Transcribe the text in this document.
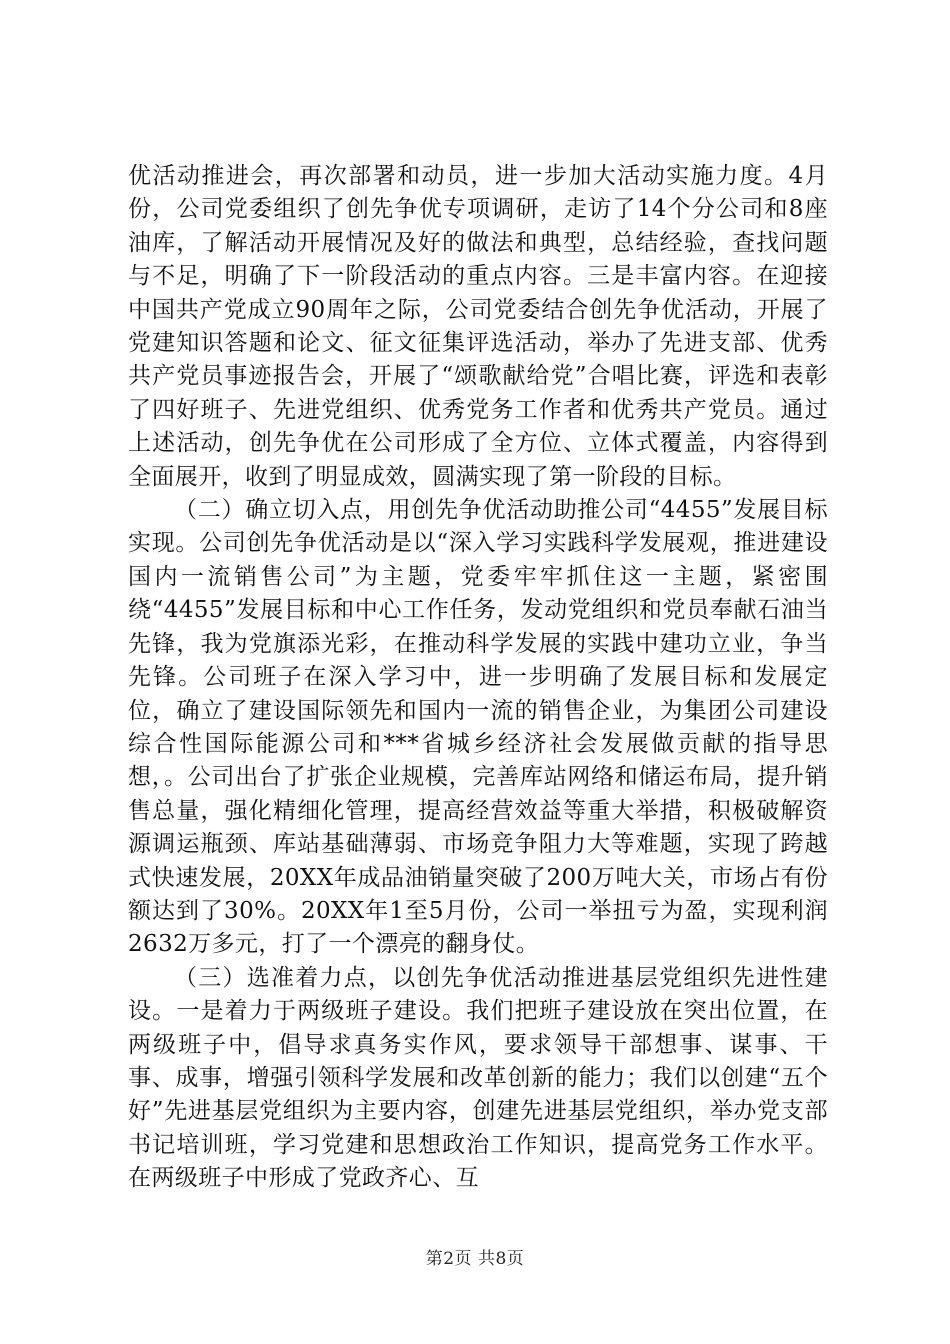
优活动推进会，再次部署和动员，进一步加大活动实施力度。4月份，公司党委组织了创先争优专项调研，走访了14个分公司和8座油库，了解活动开展情况及好的做法和典型，总结经验，查找问题与不足，明确了下一阶段活动的重点内容。三是丰富内容。在迎接中国共产党成立90周年之际，公司党委结合创先争优活动，开展了党建知识答题和论文、征文征集评选活动，举办了先进支部、优秀共产党员事迹报告会，开展了“颂歌献给党”合唱比赛，评选和表彰了四好班子、先进党组织、优秀党务工作者和优秀共产党员。通过上述活动，创先争优在公司形成了全方位、立体式覆盖，内容得到全面展开，收到了明显成效，圆满实现了第一阶段的目标。

（二）确立切入点，用创先争优活动助推公司“4455”发展目标实现。公司创先争优活动是以“深入学习实践科学发展观，推进建设国内一流销售公司”为主题，党委牢牢抓住这一主题，紧密围绕“4455”发展目标和中心工作任务，发动党组织和党员奉献石油当先锋，我为党旗添光彩，在推动科学发展的实践中建功立业，争当先锋。公司班子在深入学习中，进一步明确了发展目标和发展定位，确立了建设国际领先和国内一流的销售企业，为集团公司建设综合性国际能源公司和***省城乡经济社会发展做贡献的指导思想，。公司出台了扩张企业规模，完善库站网络和储运布局，提升销售总量，强化精细化管理，提高经营效益等重大举措，积极破解资源调运瓶颈、库站基础薄弱、市场竞争阻力大等难题，实现了跨越式快速发展，20XX年成品油销量突破了200万吨大关，市场占有份额达到了30%。20XX年1至5月份，公司一举扭亏为盈，实现利润2632万多元，打了一个漂亮的翻身仗。

（三）选准着力点，以创先争优活动推进基层党组织先进性建设。一是着力于两级班子建设。我们把班子建设放在突出位置，在两级班子中，倡导求真务实作风，要求领导干部想事、谋事、干事、成事，增强引领科学发展和改革创新的能力；我们以创建“五个好”先进基层党组织为主要内容，创建先进基层党组织，举办党支部书记培训班，学习党建和思想政治工作知识，提高党务工作水平。在两级班子中形成了党政齐心、互

第2页 共8页
